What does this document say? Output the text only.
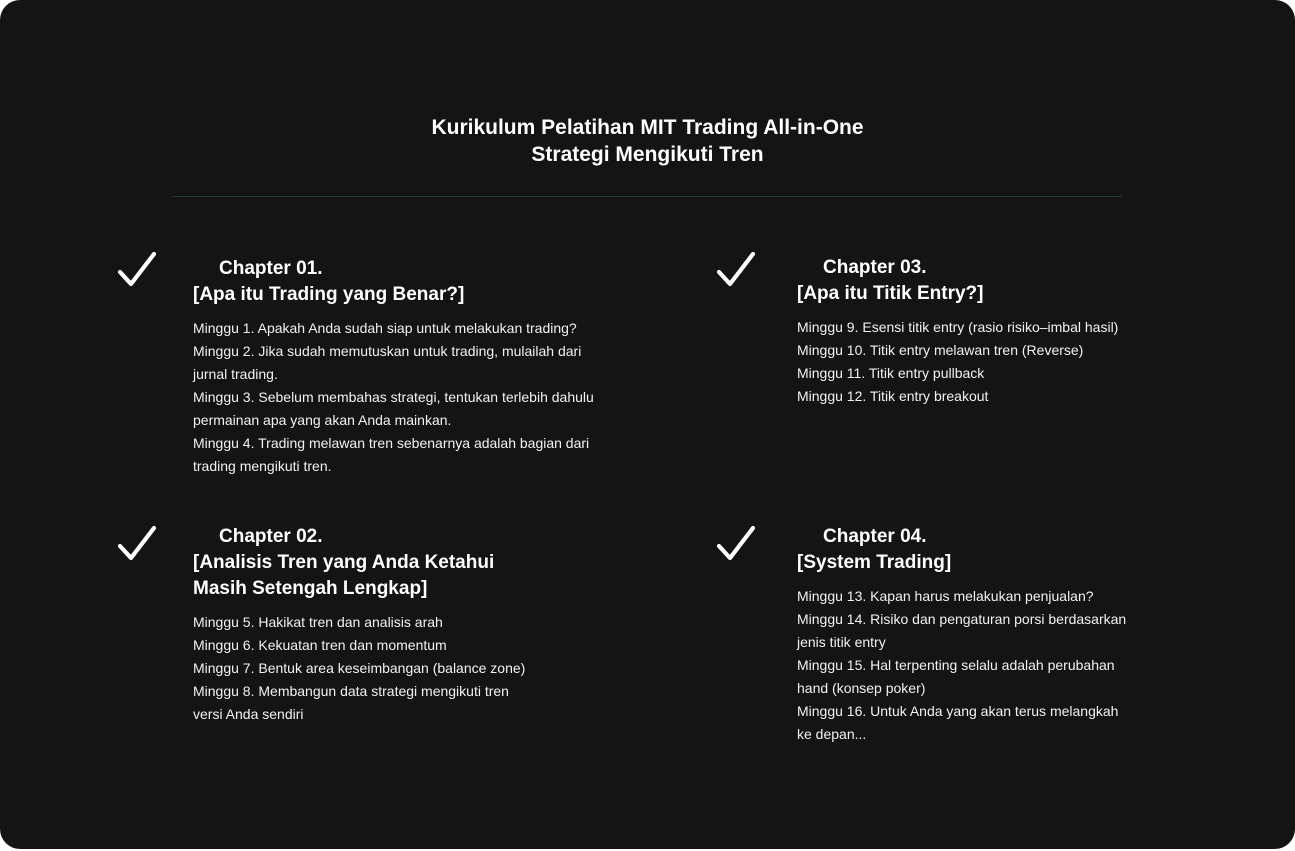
Kurikulum Pelatihan MIT Trading All-in-One
Strategi Mengikuti Tren
Chapter 01.
[Apa itu Trading yang Benar?]
Minggu 1. Apakah Anda sudah siap untuk melakukan trading?
Minggu 2. Jika sudah memutuskan untuk trading, mulailah dari
jurnal trading.
Minggu 3. Sebelum membahas strategi, tentukan terlebih dahulu
permainan apa yang akan Anda mainkan.
Minggu 4. Trading melawan tren sebenarnya adalah bagian dari
trading mengikuti tren.
Chapter 02.
[Analisis Tren yang Anda Ketahui
Masih Setengah Lengkap]
Minggu 5. Hakikat tren dan analisis arah
Minggu 6. Kekuatan tren dan momentum
Minggu 7. Bentuk area keseimbangan (balance zone)
Minggu 8. Membangun data strategi mengikuti tren
versi Anda sendiri
Chapter 03.
[Apa itu Titik Entry?]
Minggu 9. Esensi titik entry (rasio risiko–imbal hasil)
Minggu 10. Titik entry melawan tren (Reverse)
Minggu 11. Titik entry pullback
Minggu 12. Titik entry breakout
Chapter 04.
[System Trading]
Minggu 13. Kapan harus melakukan penjualan?
Minggu 14. Risiko dan pengaturan porsi berdasarkan
jenis titik entry
Minggu 15. Hal terpenting selalu adalah perubahan
hand (konsep poker)
Minggu 16. Untuk Anda yang akan terus melangkah
ke depan...
